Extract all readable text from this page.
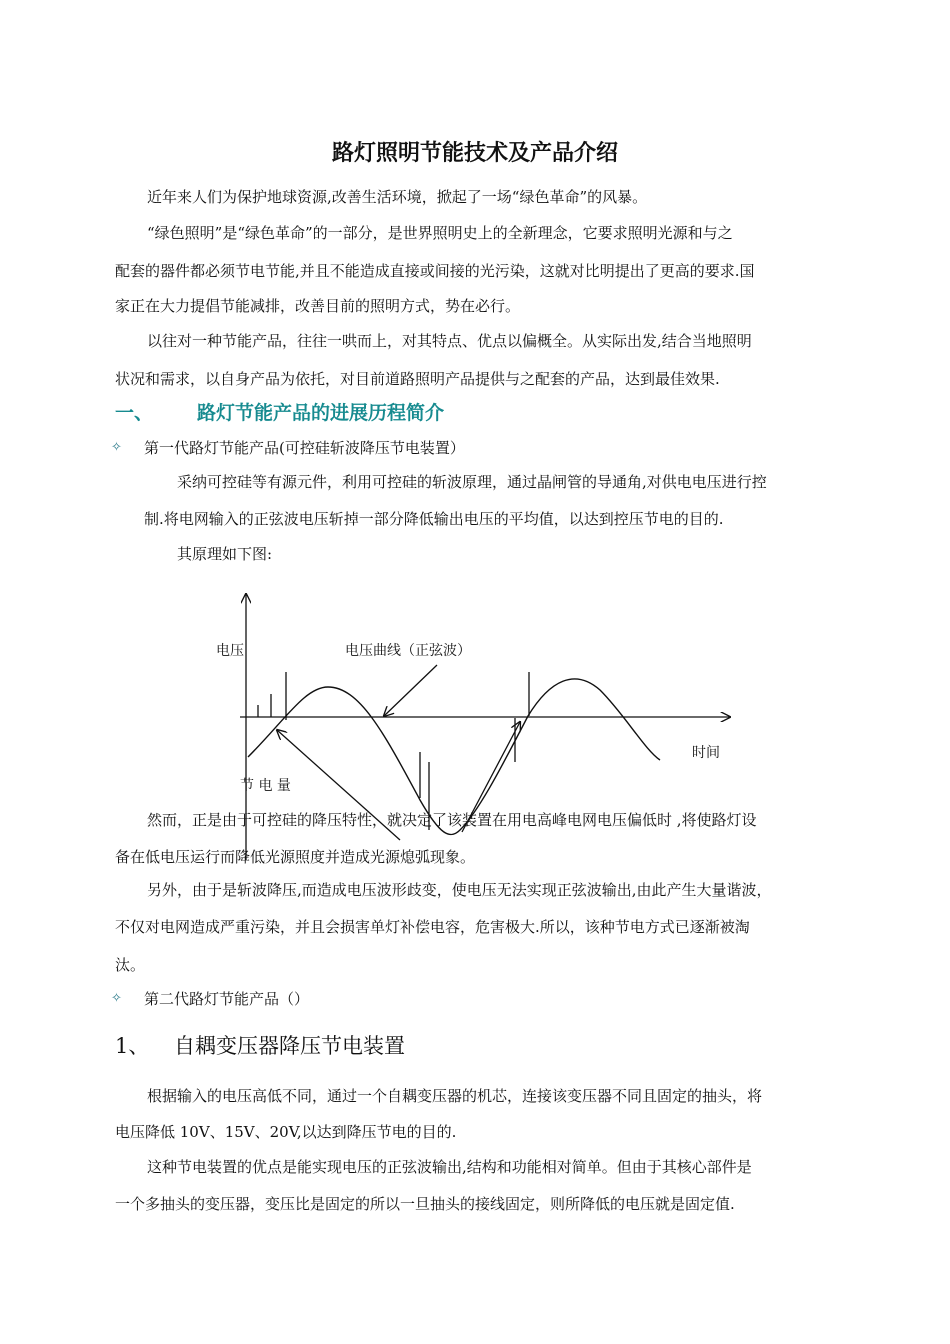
路灯照明节能技术及产品介绍
近年来人们为保护地球资源,改善生活环境，掀起了一场“绿色革命”的风暴。
“绿色照明”是“绿色革命”的一部分，是世界照明史上的全新理念，它要求照明光源和与之
配套的器件都必须节电节能,并且不能造成直接或间接的光污染，这就对比明提出了更高的要求.国
家正在大力提倡节能减排，改善目前的照明方式，势在必行。
以往对一种节能产品，往往一哄而上，对其特点、优点以偏概全。从实际出发,结合当地照明
状况和需求，以自身产品为依托，对目前道路照明产品提供与之配套的产品，达到最佳效果.
一、 路灯节能产品的进展历程简介
✧ 第一代路灯节能产品(可控硅斩波降压节电装置）
采纳可控硅等有源元件，利用可控硅的斩波原理，通过晶闸管的导通角,对供电电压进行控
制.将电网输入的正弦波电压斩掉一部分降低输出电压的平均值，以达到控压节电的目的.
其原理如下图:
电压	电压曲线（正弦波）
时间
节 电 量
然而，正是由于可控硅的降压特性，就决定了该装置在用电高峰电网电压偏低时 ,将使路灯设
备在低电压运行而降低光源照度并造成光源熄弧现象。
另外，由于是斩波降压,而造成电压波形歧变，使电压无法实现正弦波输出,由此产生大量谐波，
不仅对电网造成严重污染，并且会损害单灯补偿电容，危害极大.所以，该种节电方式已逐渐被淘
汰。
✧ 第二代路灯节能产品（）
1、 自耦变压器降压节电装置
根据输入的电压高低不同，通过一个自耦变压器的机芯，连接该变压器不同且固定的抽头，将
电压降低 10V、15V、20V,以达到降压节电的目的.
这种节电装置的优点是能实现电压的正弦波输出,结构和功能相对简单。但由于其核心部件是
一个多抽头的变压器，变压比是固定的所以一旦抽头的接线固定，则所降低的电压就是固定值.
